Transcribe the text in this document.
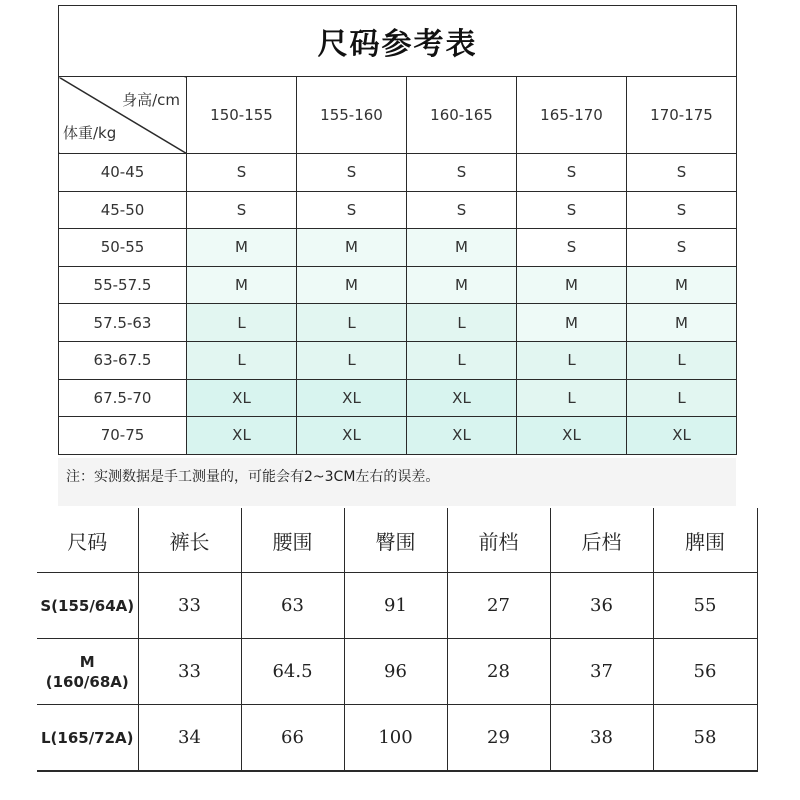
尺码参考表					

身高/cm
体重/kg	150-155	155-160	160-165	165-170	170-175
40-45	S	S	S	S	S
45-50	S	S	S	S	S
50-55	M	M	M	S	S
55-57.5	M	M	M	M	M
57.5-63	L	L	L	M	M
63-67.5	L	L	L	L	L
67.5-70	XL	XL	XL	L	L
70-75	XL	XL	XL	XL	XL
注：实测数据是手工测量的，可能会有2~3CM左右的误差。
尺码	裤长	腰围	臀围	前档	后档	脾围

S(155/64A)	33	63	91	27	36	55

M
(160/68A)	33	64.5	96	28	37	56

L(165/72A)	34	66	100	29	38	58
